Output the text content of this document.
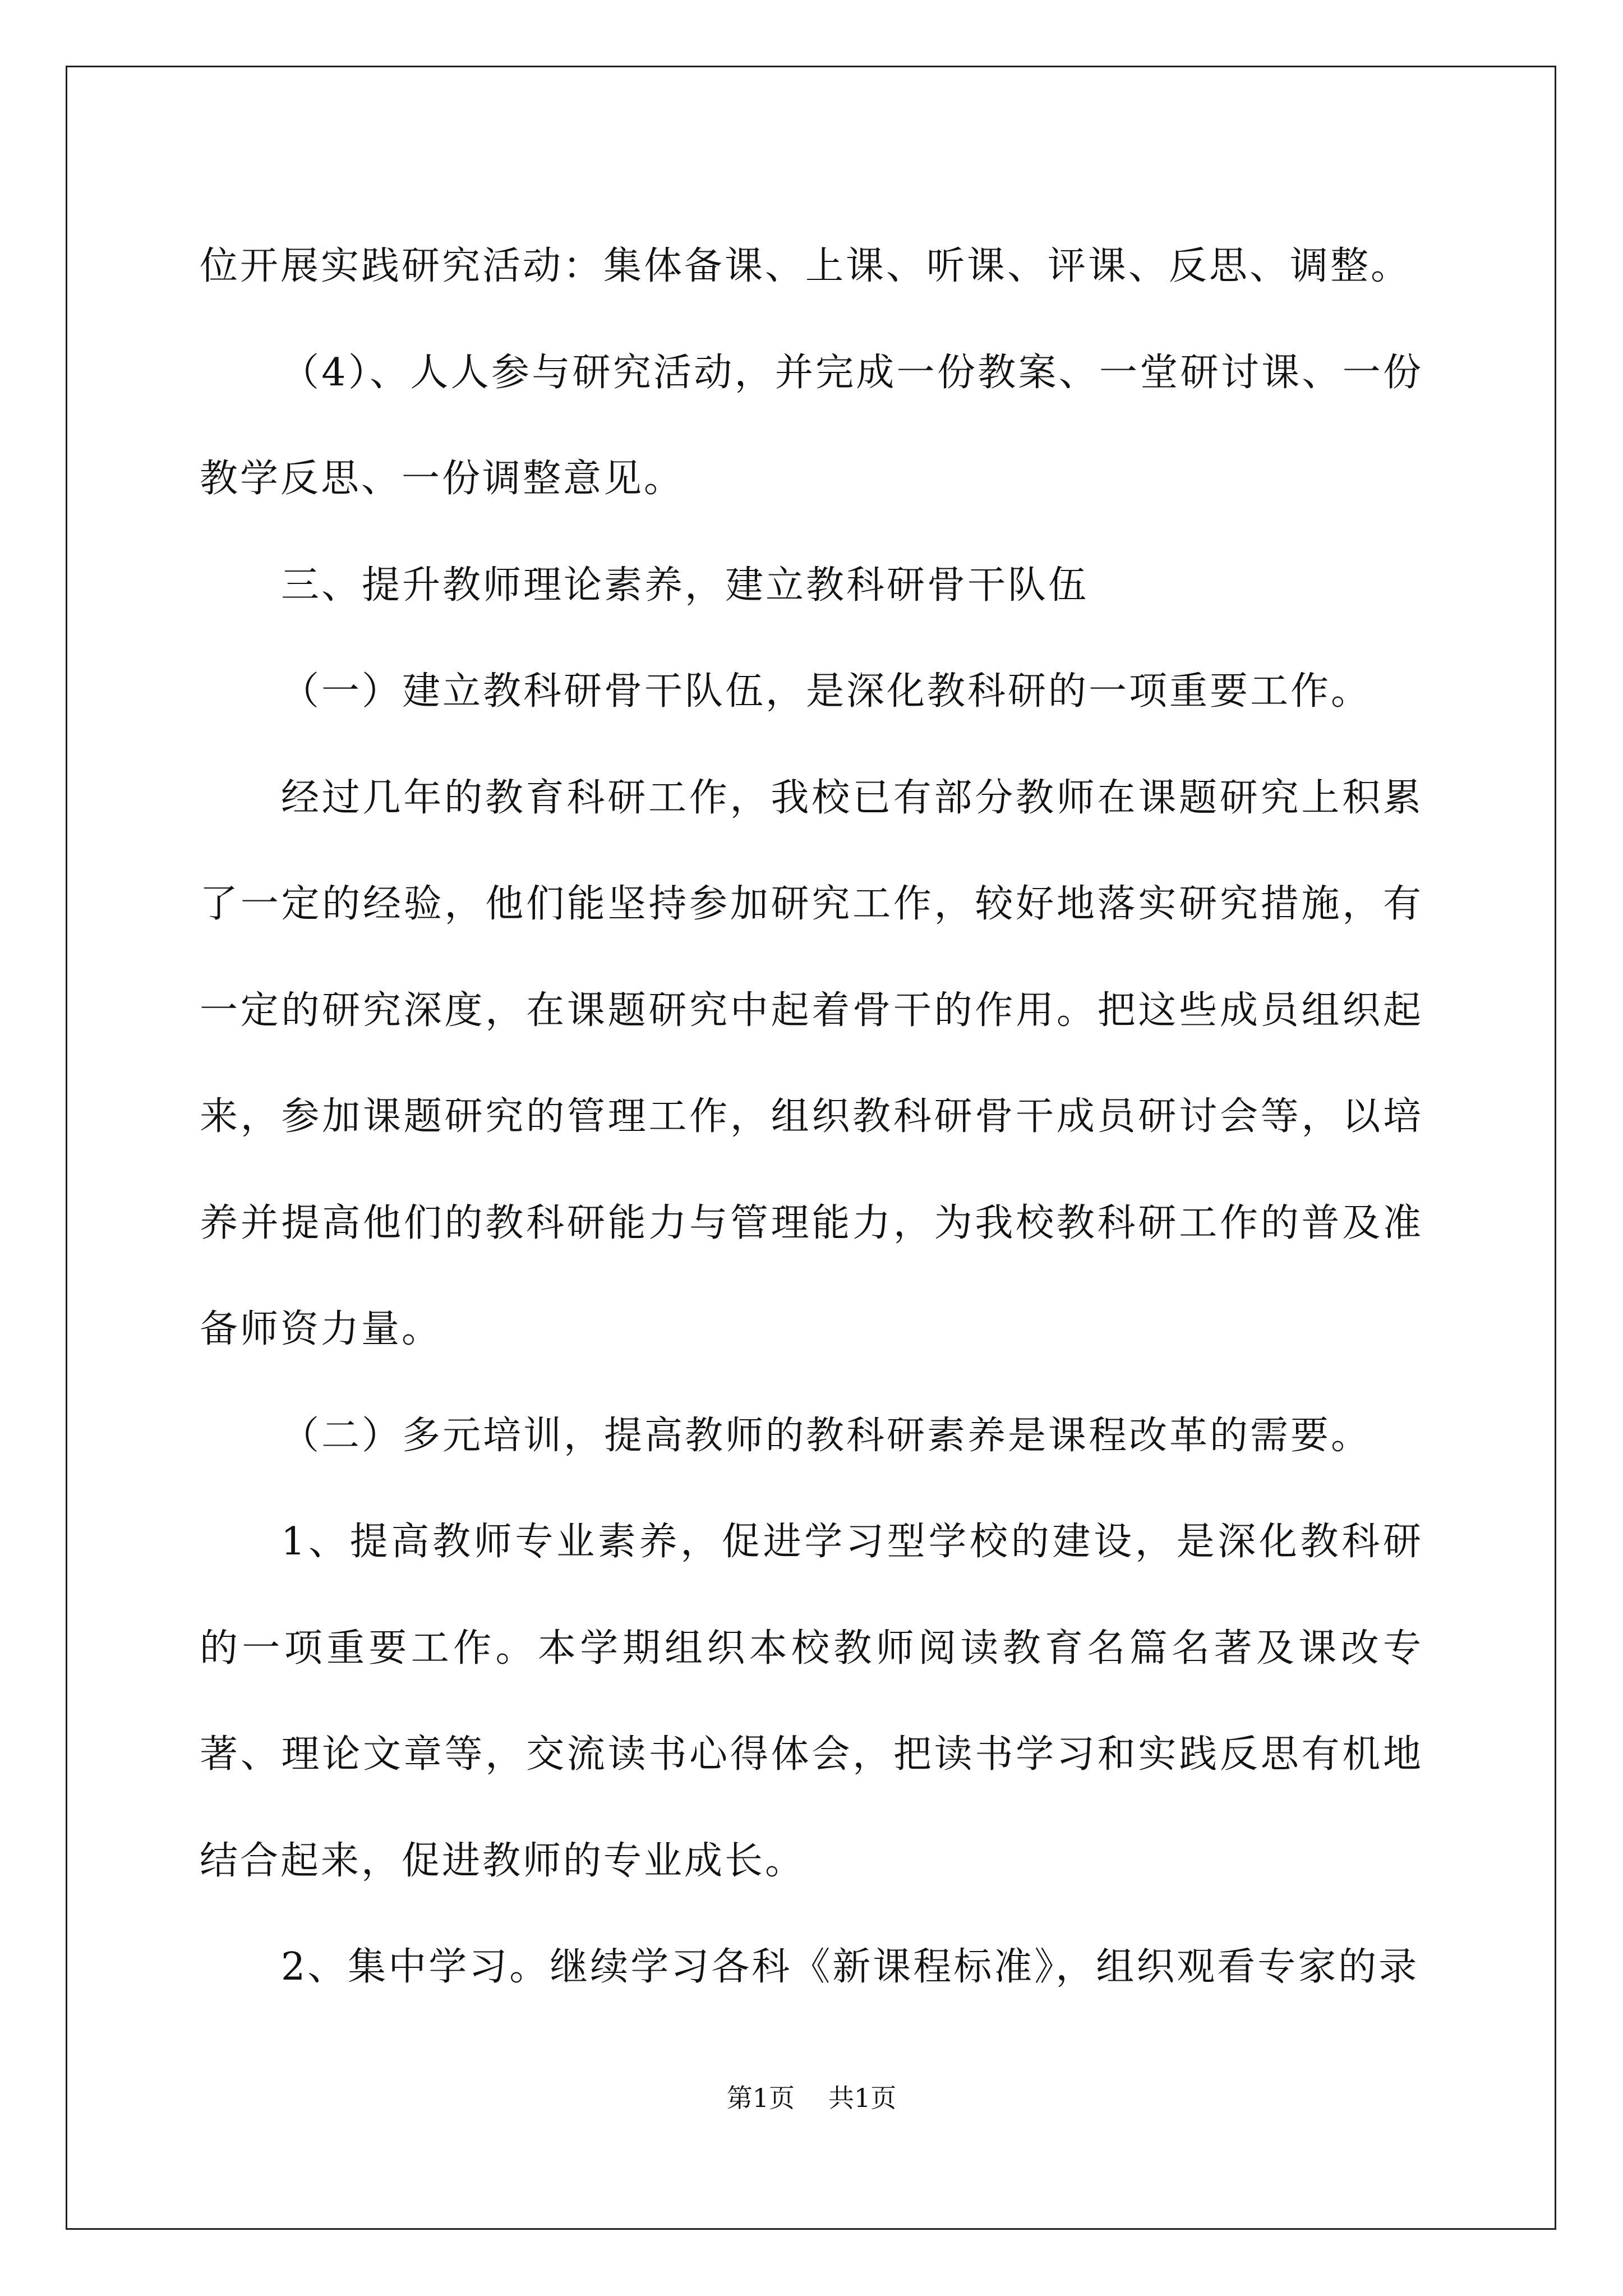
位开展实践研究活动：集体备课、上课、听课、评课、反思、调整。

（4）、人人参与研究活动，并完成一份教案、一堂研讨课、一份教学反思、一份调整意见。

三、提升教师理论素养，建立教科研骨干队伍

（一）建立教科研骨干队伍，是深化教科研的一项重要工作。

经过几年的教育科研工作，我校已有部分教师在课题研究上积累了一定的经验，他们能坚持参加研究工作，较好地落实研究措施，有一定的研究深度，在课题研究中起着骨干的作用。把这些成员组织起来，参加课题研究的管理工作，组织教科研骨干成员研讨会等，以培养并提高他们的教科研能力与管理能力，为我校教科研工作的普及准备师资力量。

（二）多元培训，提高教师的教科研素养是课程改革的需要。

1、提高教师专业素养，促进学习型学校的建设，是深化教科研的一项重要工作。本学期组织本校教师阅读教育名篇名著及课改专著、理论文章等，交流读书心得体会，把读书学习和实践反思有机地结合起来，促进教师的专业成长。

2、集中学习。继续学习各科《新课程标准》，组织观看专家的录

第1页 共1页
